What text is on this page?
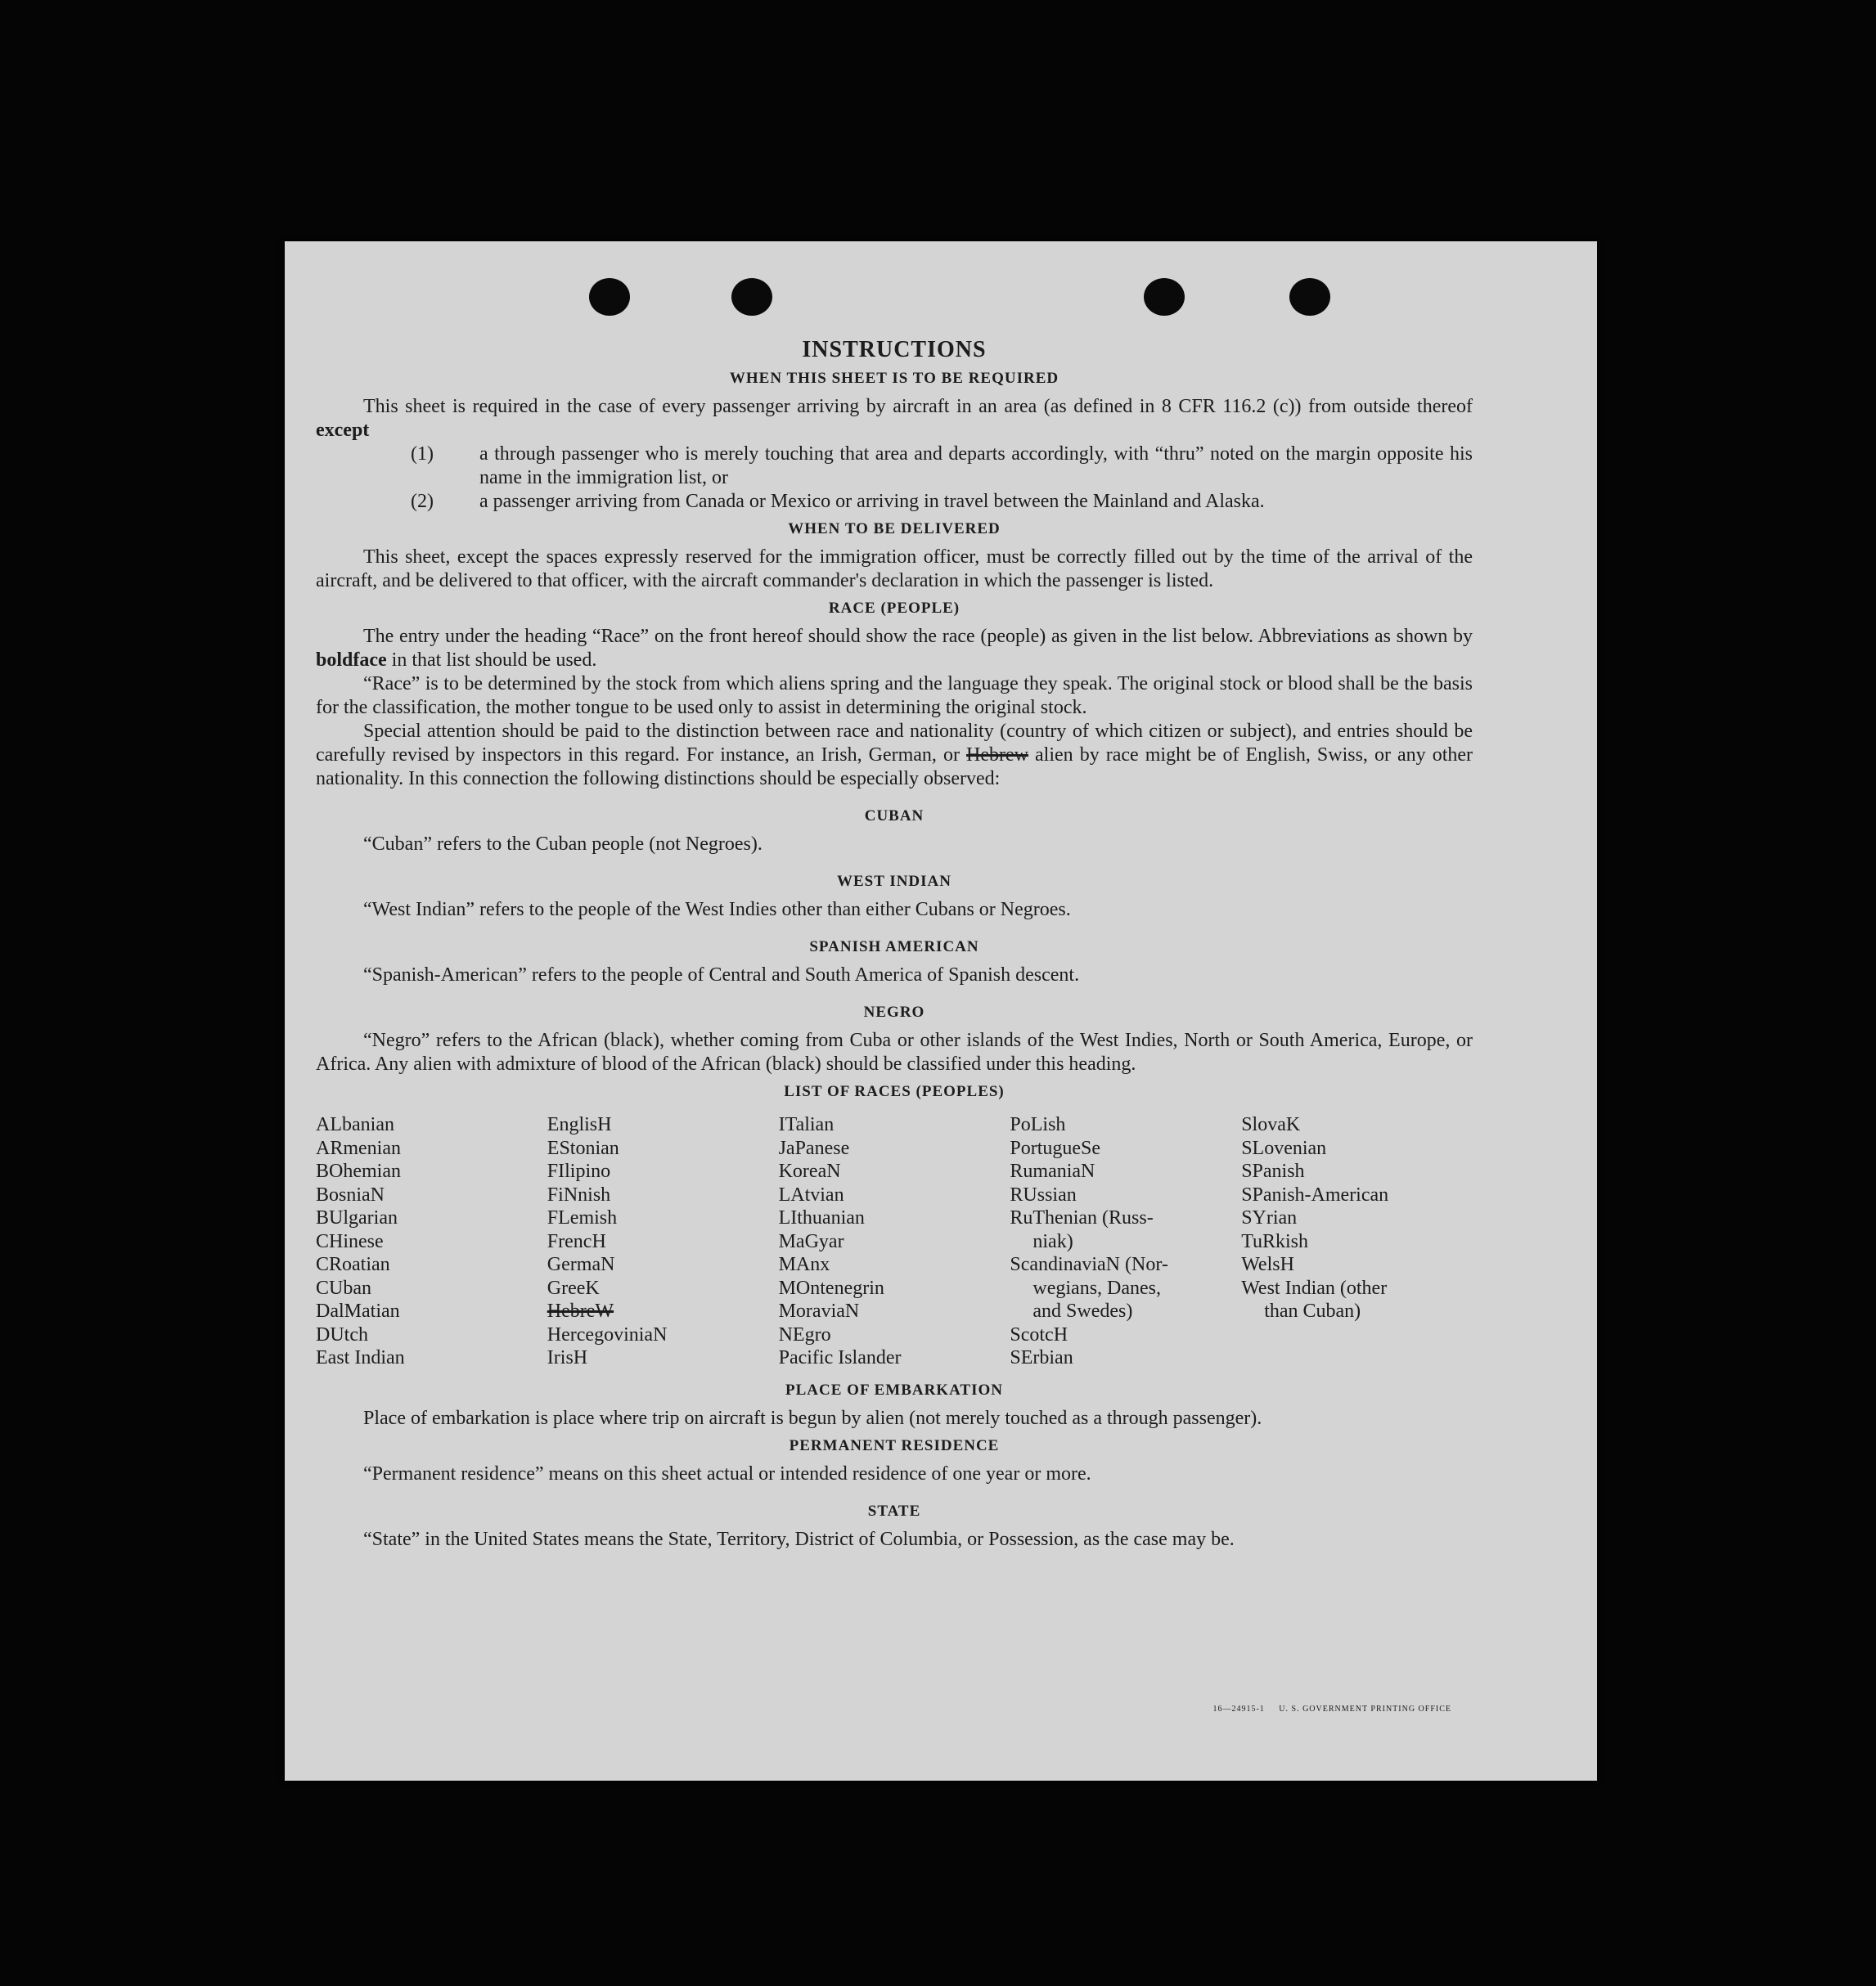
INSTRUCTIONS
WHEN THIS SHEET IS TO BE REQUIRED

This sheet is required in the case of every passenger arriving by aircraft in an area (as defined in 8 CFR 116.2 (c)) from outside thereof except

(1) a through passenger who is merely touching that area and departs accordingly, with “thru” noted on the margin opposite his name in the immigration list, or

(2) a passenger arriving from Canada or Mexico or arriving in travel between the Mainland and Alaska.

WHEN TO BE DELIVERED

This sheet, except the spaces expressly reserved for the immigration officer, must be correctly filled out by the time of the arrival of the aircraft, and be delivered to that officer, with the aircraft commander's declaration in which the passenger is listed.

RACE (PEOPLE)

The entry under the heading “Race” on the front hereof should show the race (people) as given in the list below. Abbreviations as shown by boldface in that list should be used.

“Race” is to be determined by the stock from which aliens spring and the language they speak. The original stock or blood shall be the basis for the classification, the mother tongue to be used only to assist in determining the original stock.

Special attention should be paid to the distinction between race and nationality (country of which citizen or subject), and entries should be carefully revised by inspectors in this regard. For instance, an Irish, German, or Hebrew alien by race might be of English, Swiss, or any other nationality. In this connection the following distinctions should be especially observed:

CUBAN

“Cuban” refers to the Cuban people (not Negroes).

WEST INDIAN

“West Indian” refers to the people of the West Indies other than either Cubans or Negroes.

SPANISH AMERICAN

“Spanish-American” refers to the people of Central and South America of Spanish descent.

NEGRO

“Negro” refers to the African (black), whether coming from Cuba or other islands of the West Indies, North or South America, Europe, or Africa. Any alien with admixture of blood of the African (black) should be classified under this heading.

LIST OF RACES (PEOPLES)
ALbanian
ARmenian
BOhemian
BosniaN
BUlgarian
CHinese
CRoatian
CUban
DalMatian
DUtch
East Indian
EnglisH
EStonian
FIlipino
FiNnish
FLemish
FrencH
GermaN
GreeK
HebreW
HercegoviniaN
IrisH
ITalian
JaPanese
KoreaN
LAtvian
LIthuanian
MaGyar
MAnx
MOntenegrin
MoraviaN
NEgro
Pacific Islander
PoLish
PortugueSe
RumaniaN
RUssian
RuThenian (Russ-
niak)
ScandinaviaN (Nor-
wegians, Danes,
and Swedes)
ScotcH
SErbian
SlovaK
SLovenian
SPanish
SPanish-American
SYrian
TuRkish
WelsH
West Indian (other
than Cuban)
PLACE OF EMBARKATION

Place of embarkation is place where trip on aircraft is begun by alien (not merely touched as a through passenger).

PERMANENT RESIDENCE

“Permanent residence” means on this sheet actual or intended residence of one year or more.

STATE

“State” in the United States means the State, Territory, District of Columbia, or Possession, as the case may be.

16—24915-1 U. S. GOVERNMENT PRINTING OFFICE
